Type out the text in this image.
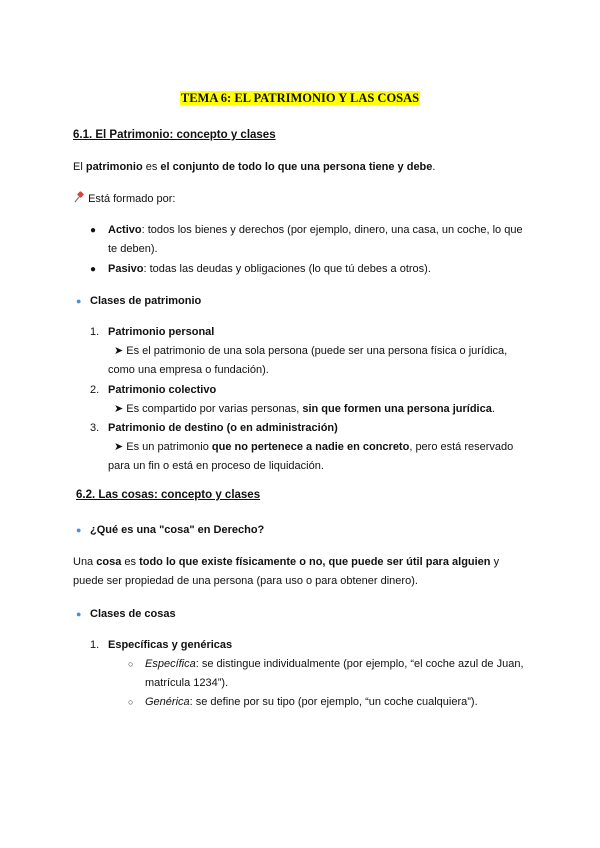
TEMA 6: EL PATRIMONIO Y LAS COSAS
6.1. El Patrimonio: concepto y clases
El patrimonio es el conjunto de todo lo que una persona tiene y debe.
Está formado por:
● Activo: todos los bienes y derechos (por ejemplo, dinero, una casa, un coche, lo que
te deben).
● Pasivo: todas las deudas y obligaciones (lo que tú debes a otros).
● Clases de patrimonio
1. Patrimonio personal
➤ Es el patrimonio de una sola persona (puede ser una persona física o jurídica,
como una empresa o fundación).
2. Patrimonio colectivo
➤ Es compartido por varias personas, sin que formen una persona jurídica.
3. Patrimonio de destino (o en administración)
➤ Es un patrimonio que no pertenece a nadie en concreto, pero está reservado
para un fin o está en proceso de liquidación.
6.2. Las cosas: concepto y clases
● ¿Qué es una "cosa" en Derecho?
Una cosa es todo lo que existe físicamente o no, que puede ser útil para alguien y
puede ser propiedad de una persona (para uso o para obtener dinero).
● Clases de cosas
1. Específicas y genéricas
○ Específica: se distingue individualmente (por ejemplo, “el coche azul de Juan,
matrícula 1234”).
○ Genérica: se define por su tipo (por ejemplo, “un coche cualquiera”).
